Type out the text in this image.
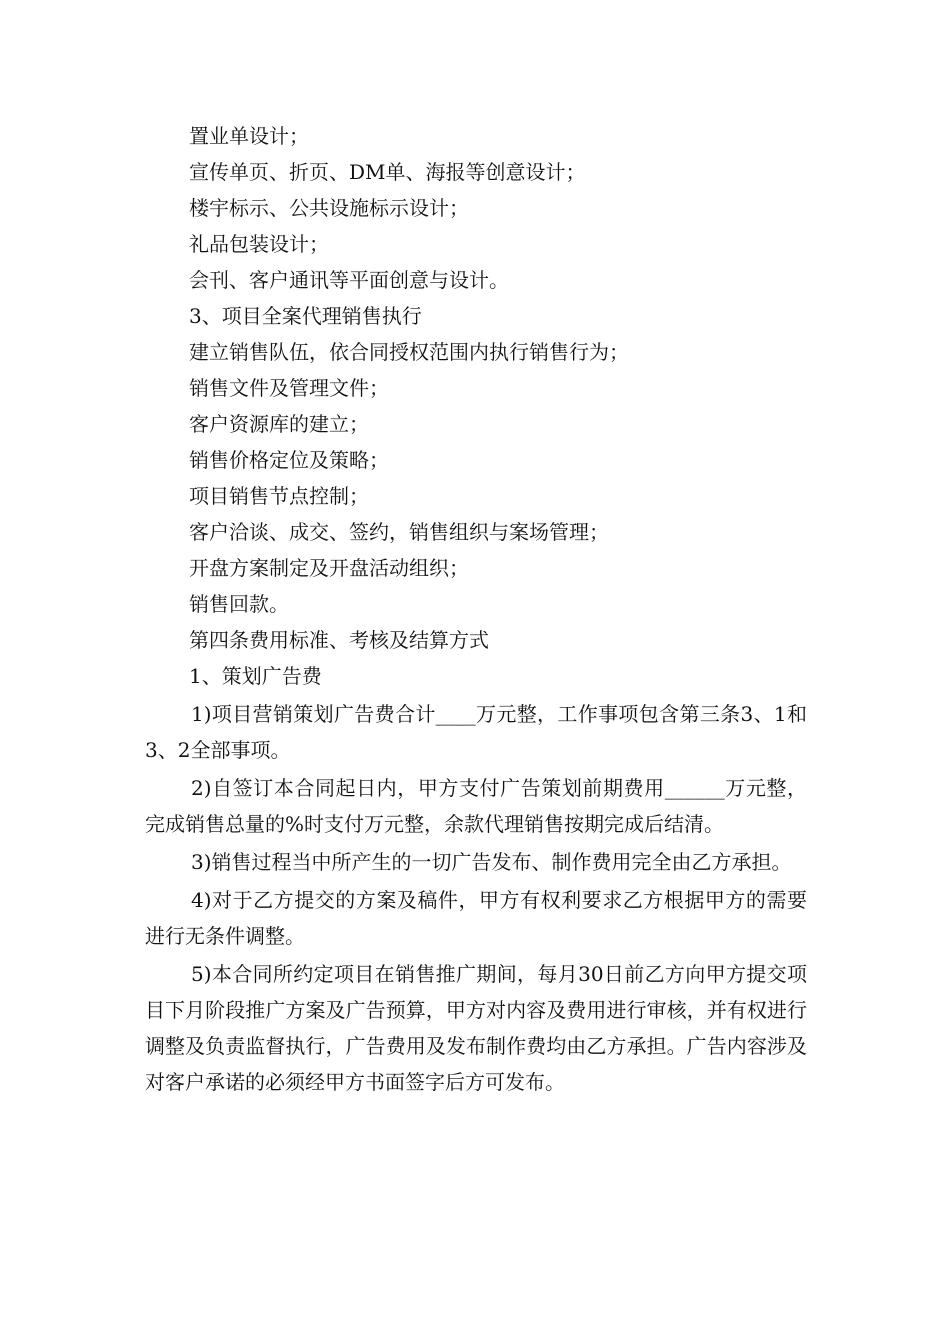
置业单设计；
宣传单页、折页、DM单、海报等创意设计；
楼宇标示、公共设施标示设计；
礼品包装设计；
会刊、客户通讯等平面创意与设计。
3、项目全案代理销售执行
建立销售队伍，依合同授权范围内执行销售行为；
销售文件及管理文件；
客户资源库的建立；
销售价格定位及策略；
项目销售节点控制；
客户洽谈、成交、签约，销售组织与案场管理；
开盘方案制定及开盘活动组织；
销售回款。
第四条费用标准、考核及结算方式
1、策划广告费
1)项目营销策划广告费合计____万元整，工作事项包含第三条3、1和3、2全部事项。
2)自签订本合同起日内，甲方支付广告策划前期费用______万元整，完成销售总量的%时支付万元整，余款代理销售按期完成后结清。
3)销售过程当中所产生的一切广告发布、制作费用完全由乙方承担。
4)对于乙方提交的方案及稿件，甲方有权利要求乙方根据甲方的需要进行无条件调整。
5)本合同所约定项目在销售推广期间，每月30日前乙方向甲方提交项目下月阶段推广方案及广告预算，甲方对内容及费用进行审核，并有权进行调整及负责监督执行，广告费用及发布制作费均由乙方承担。广告内容涉及对客户承诺的必须经甲方书面签字后方可发布。
